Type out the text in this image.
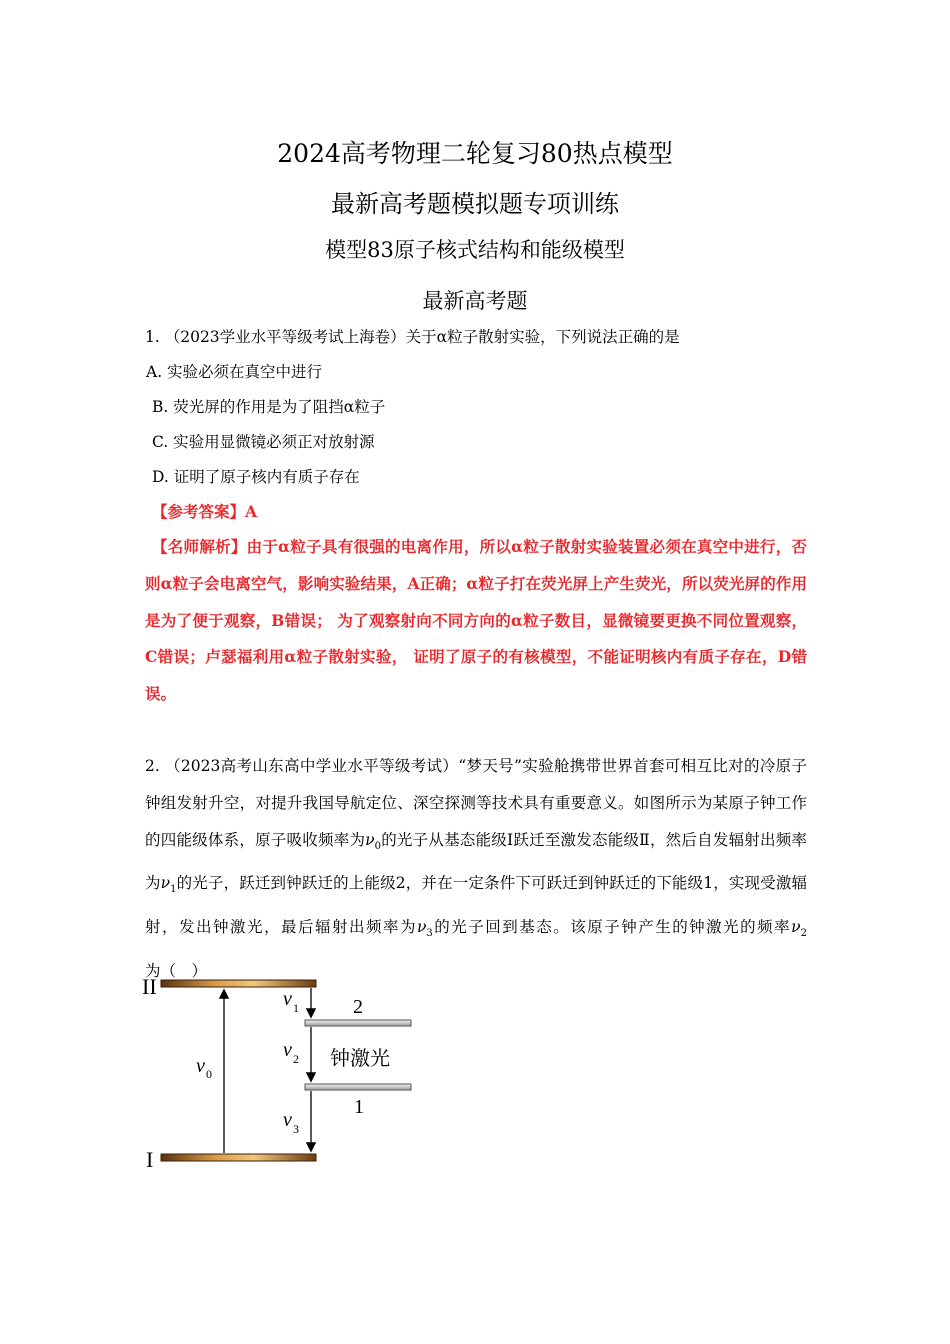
2024高考物理二轮复习80热点模型
最新高考题模拟题专项训练
模型83原子核式结构和能级模型
最新高考题
1. （2023学业水平等级考试上海卷）关于α粒子散射实验，下列说法正确的是
A. 实验必须在真空中进行
B. 荧光屏的作用是为了阻挡α粒子
C. 实验用显微镜必须正对放射源
D. 证明了原子核内有质子存在
【参考答案】A
【名师解析】由于α粒子具有很强的电离作用，所以α粒子散射实验装置必须在真空中进行，否则α粒子会电离空气，影响实验结果，A正确；α粒子打在荧光屏上产生荧光，所以荧光屏的作用是为了便于观察，B错误； 为了观察射向不同方向的α粒子数目，显微镜要更换不同位置观察，C错误；卢瑟福利用α粒子散射实验， 证明了原子的有核模型，不能证明核内有质子存在，D错误。
2. （2023高考山东高中学业水平等级考试）“梦天号”实验舱携带世界首套可相互比对的冷原子钟组发射升空，对提升我国导航定位、深空探测等技术具有重要意义。如图所示为某原子钟工作的四能级体系，原子吸收频率为$\nu_0$的光子从基态能级Ⅰ跃迁至激发态能级Ⅱ，然后自发辐射出频率为$\nu_1$的光子，跃迁到钟跃迁的上能级2，并在一定条件下可跃迁到钟跃迁的下能级1，实现受激辐射，发出钟激光，最后辐射出频率为$\nu_3$的光子回到基态。该原子钟产生的钟激光的频率$\nu_2$为（　）
II
I
2
1
ν 0
ν 1
ν 2
ν 3
钟激光
